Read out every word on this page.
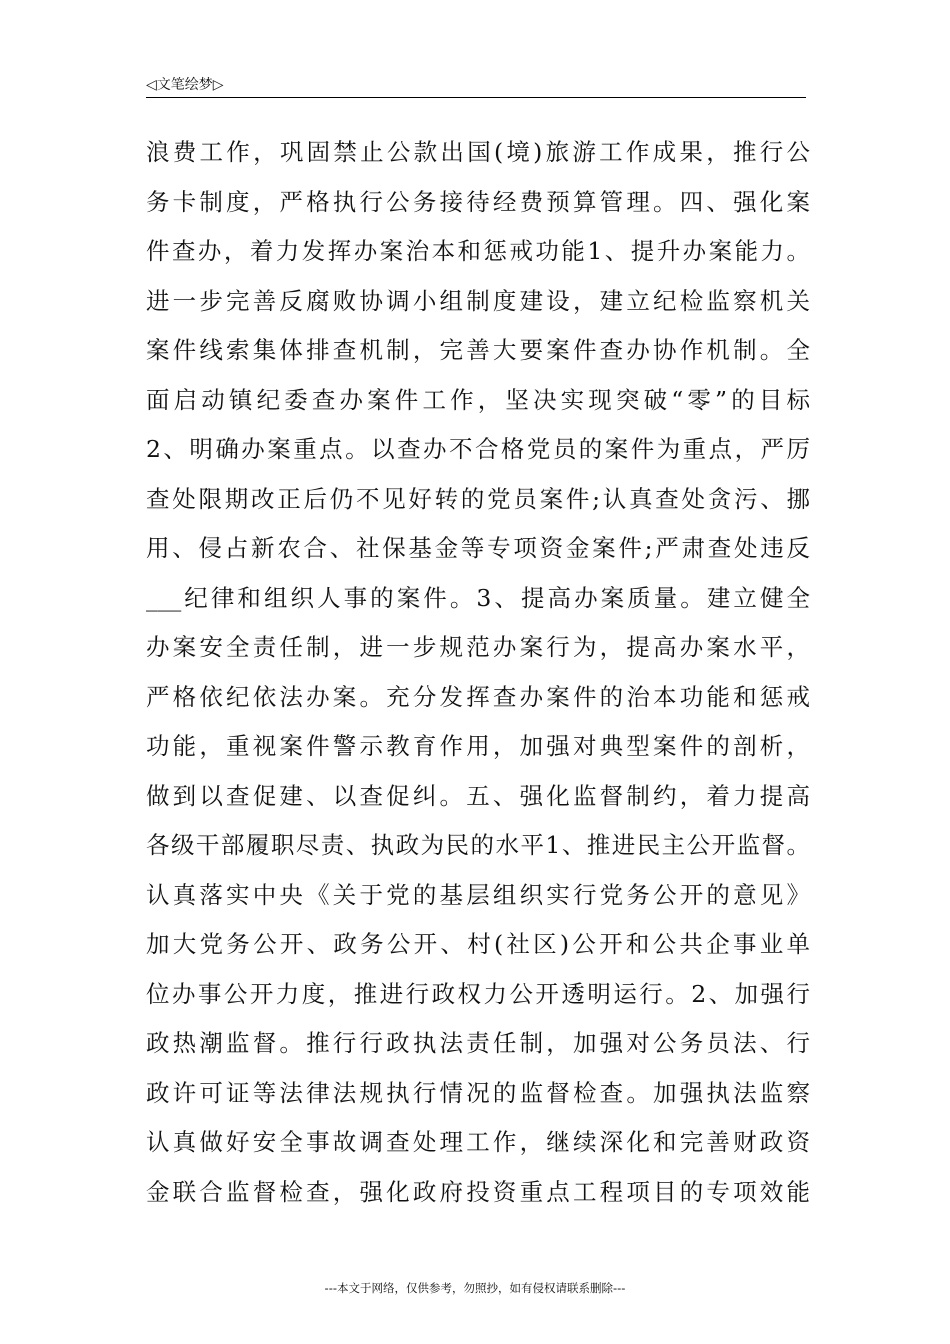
◁文笔绘梦▷
浪费工作，巩固禁止公款出国(境)旅游工作成果，推行公
务卡制度，严格执行公务接待经费预算管理。四、强化案
件查办，着力发挥办案治本和惩戒功能1、提升办案能力。
进一步完善反腐败协调小组制度建设，建立纪检监察机关
案件线索集体排查机制，完善大要案件查办协作机制。全
面启动镇纪委查办案件工作，坚决实现突破“零”的目标
2、明确办案重点。以查办不合格党员的案件为重点，严厉
查处限期改正后仍不见好转的党员案件;认真查处贪污、挪
用、侵占新农合、社保基金等专项资金案件;严肃查处违反
___纪律和组织人事的案件。3、提高办案质量。建立健全
办案安全责任制，进一步规范办案行为，提高办案水平，
严格依纪依法办案。充分发挥查办案件的治本功能和惩戒
功能，重视案件警示教育作用，加强对典型案件的剖析，
做到以查促建、以查促纠。五、强化监督制约，着力提高
各级干部履职尽责、执政为民的水平1、推进民主公开监督。
认真落实中央《关于党的基层组织实行党务公开的意见》
加大党务公开、政务公开、村(社区)公开和公共企事业单
位办事公开力度，推进行政权力公开透明运行。2、加强行
政热潮监督。推行行政执法责任制，加强对公务员法、行
政许可证等法律法规执行情况的监督检查。加强执法监察
认真做好安全事故调查处理工作，继续深化和完善财政资
金联合监督检查，强化政府投资重点工程项目的专项效能
---本文于网络，仅供参考，勿照抄，如有侵权请联系删除---
